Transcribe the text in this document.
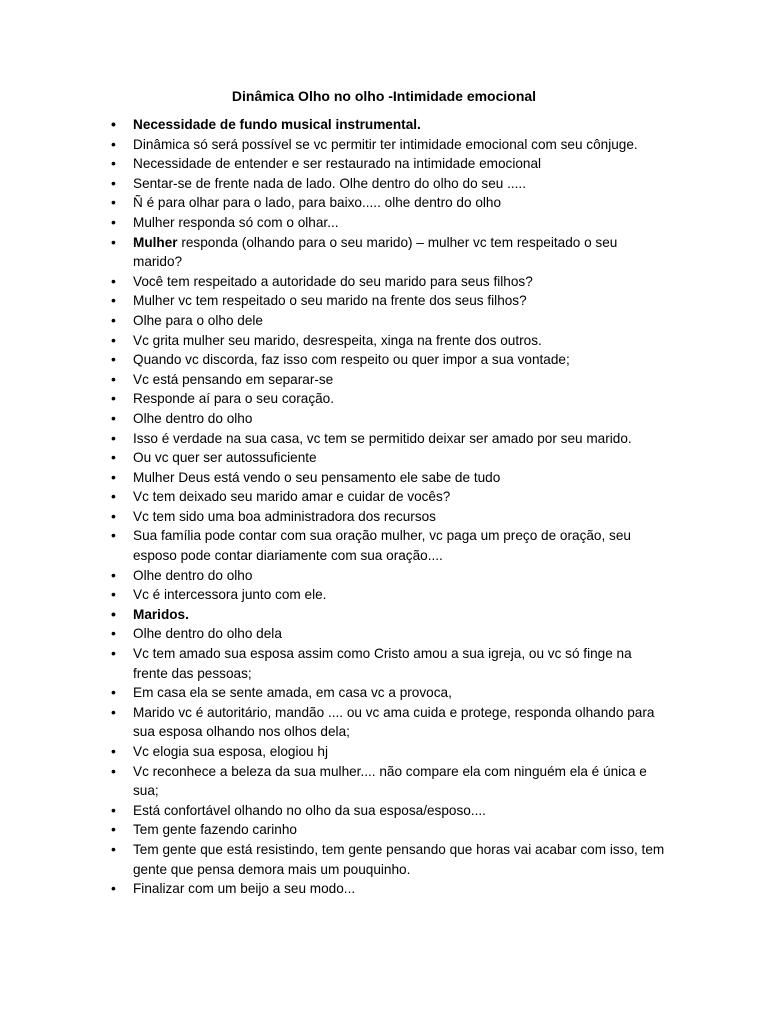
Dinâmica Olho no olho -Intimidade emocional
• Necessidade de fundo musical instrumental.
• Dinâmica só será possível se vc permitir ter intimidade emocional com seu cônjuge.
• Necessidade de entender e ser restaurado na intimidade emocional
• Sentar-se de frente nada de lado. Olhe dentro do olho do seu .....
• Ñ é para olhar para o lado, para baixo..... olhe dentro do olho
• Mulher responda só com o olhar...
• Mulher responda (olhando para o seu marido) – mulher vc tem respeitado o seu marido?
• Você tem respeitado a autoridade do seu marido para seus filhos?
• Mulher vc tem respeitado o seu marido na frente dos seus filhos?
• Olhe para o olho dele
• Vc grita mulher seu marido, desrespeita, xinga na frente dos outros.
• Quando vc discorda, faz isso com respeito ou quer impor a sua vontade;
• Vc está pensando em separar-se
• Responde aí para o seu coração.
• Olhe dentro do olho
• Isso é verdade na sua casa, vc tem se permitido deixar ser amado por seu marido.
• Ou vc quer ser autossuficiente
• Mulher Deus está vendo o seu pensamento ele sabe de tudo
• Vc tem deixado seu marido amar e cuidar de vocês?
• Vc tem sido uma boa administradora dos recursos
• Sua família pode contar com sua oração mulher, vc paga um preço de oração, seu esposo pode contar diariamente com sua oração....
• Olhe dentro do olho
• Vc é intercessora junto com ele.
• Maridos.
• Olhe dentro do olho dela
• Vc tem amado sua esposa assim como Cristo amou a sua igreja, ou vc só finge na frente das pessoas;
• Em casa ela se sente amada, em casa vc a provoca,
• Marido vc é autoritário, mandão .... ou vc ama cuida e protege, responda olhando para sua esposa olhando nos olhos dela;
• Vc elogia sua esposa, elogiou hj
• Vc reconhece a beleza da sua mulher.... não compare ela com ninguém ela é única e sua;
• Está confortável olhando no olho da sua esposa/esposo....
• Tem gente fazendo carinho
• Tem gente que está resistindo, tem gente pensando que horas vai acabar com isso, tem gente que pensa demora mais um pouquinho.
• Finalizar com um beijo a seu modo...
